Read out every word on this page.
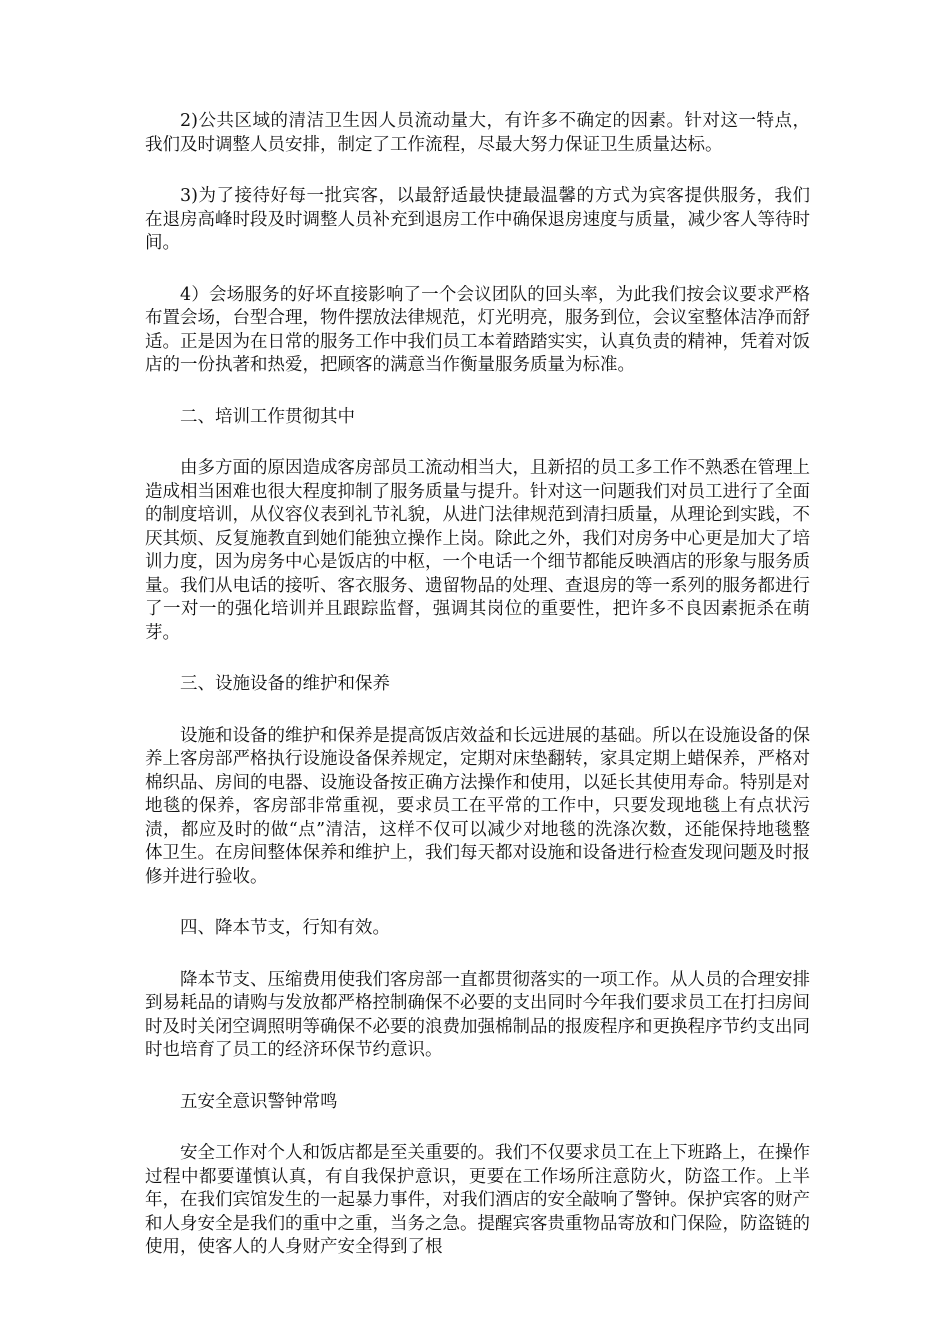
2)公共区域的清洁卫生因人员流动量大，有许多不确定的因素。针对这一特点，我们及时调整人员安排，制定了工作流程，尽最大努力保证卫生质量达标。

3)为了接待好每一批宾客，以最舒适最快捷最温馨的方式为宾客提供服务，我们在退房高峰时段及时调整人员补充到退房工作中确保退房速度与质量，减少客人等待时间。

4）会场服务的好坏直接影响了一个会议团队的回头率，为此我们按会议要求严格布置会场，台型合理，物件摆放法律规范，灯光明亮，服务到位，会议室整体洁净而舒适。正是因为在日常的服务工作中我们员工本着踏踏实实，认真负责的精神，凭着对饭店的一份执著和热爱，把顾客的满意当作衡量服务质量为标准。

二、培训工作贯彻其中

由多方面的原因造成客房部员工流动相当大，且新招的员工多工作不熟悉在管理上造成相当困难也很大程度抑制了服务质量与提升。针对这一问题我们对员工进行了全面的制度培训，从仪容仪表到礼节礼貌，从进门法律规范到清扫质量，从理论到实践，不厌其烦、反复施教直到她们能独立操作上岗。除此之外，我们对房务中心更是加大了培训力度，因为房务中心是饭店的中枢，一个电话一个细节都能反映酒店的形象与服务质量。我们从电话的接听、客衣服务、遗留物品的处理、查退房的等一系列的服务都进行了一对一的强化培训并且跟踪监督，强调其岗位的重要性，把许多不良因素扼杀在萌芽。

三、设施设备的维护和保养

设施和设备的维护和保养是提高饭店效益和长远进展的基础。所以在设施设备的保养上客房部严格执行设施设备保养规定，定期对床垫翻转，家具定期上蜡保养，严格对棉织品、房间的电器、设施设备按正确方法操作和使用，以延长其使用寿命。特别是对地毯的保养，客房部非常重视，要求员工在平常的工作中，只要发现地毯上有点状污渍，都应及时的做“点”清洁，这样不仅可以减少对地毯的洗涤次数，还能保持地毯整体卫生。在房间整体保养和维护上，我们每天都对设施和设备进行检查发现问题及时报修并进行验收。

四、降本节支，行知有效。

降本节支、压缩费用使我们客房部一直都贯彻落实的一项工作。从人员的合理安排到易耗品的请购与发放都严格控制确保不必要的支出同时今年我们要求员工在打扫房间时及时关闭空调照明等确保不必要的浪费加强棉制品的报废程序和更换程序节约支出同时也培育了员工的经济环保节约意识。

五安全意识警钟常鸣

安全工作对个人和饭店都是至关重要的。我们不仅要求员工在上下班路上，在操作过程中都要谨慎认真，有自我保护意识，更要在工作场所注意防火，防盗工作。上半年，在我们宾馆发生的一起暴力事件，对我们酒店的安全敲响了警钟。保护宾客的财产和人身安全是我们的重中之重，当务之急。提醒宾客贵重物品寄放和门保险，防盗链的使用，使客人的人身财产安全得到了根
